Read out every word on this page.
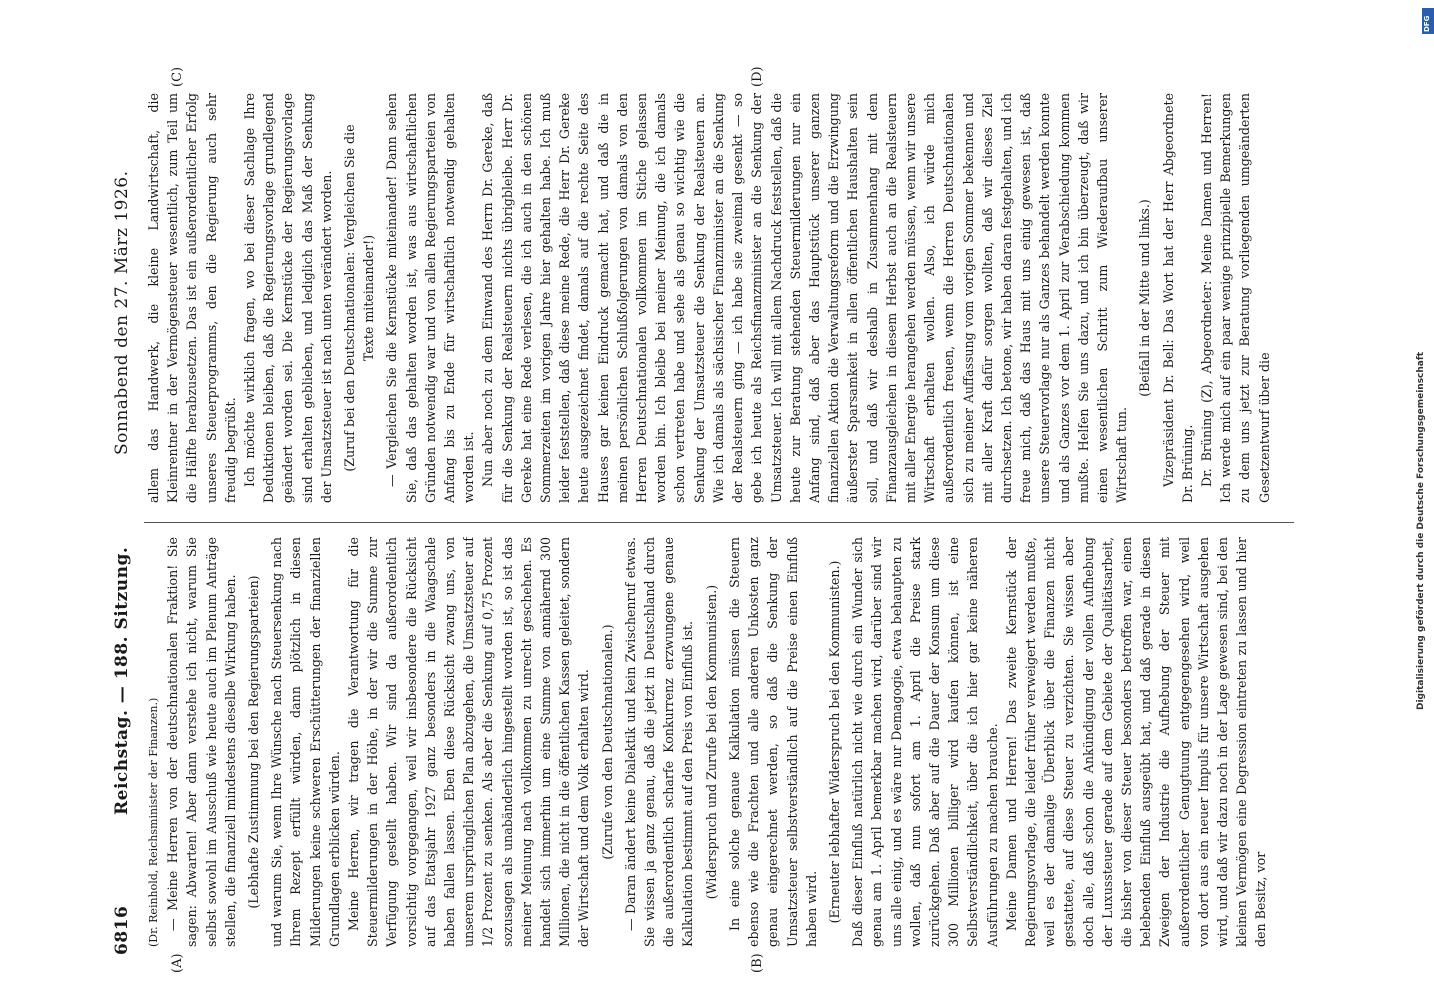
6816
Reichstag. — 188. Sitzung.
Sonnabend den 27. März 1926.
(A)	(B)
(C)	(D)

(Dr. Reinhold, Reichsminister der Finanzen.) — Meine Herren von der deutschnationalen Fraktion! Sie sagen: Abwarten! Aber dann verstehe ich nicht, warum Sie selbst sowohl im Ausschuß wie heute auch im Plenum Anträge stellen, die finanziell mindestens dieselbe Wirkung haben. (Lebhafte Zustimmung bei den Regierungsparteien) und warum Sie, wenn Ihre Wünsche nach Steuersenkung nach Ihrem Rezept erfüllt würden, dann plötzlich in diesen Milderungen keine schweren Erschütterungen der finanziellen Grundlagen erblicken würden. Meine Herren, wir tragen die Verantwortung für die Steuermilderungen in der Höhe, in der wir die Summe zur Verfügung gestellt haben. Wir sind da außerordentlich vorsichtig vorgegangen, weil wir insbesondere die Rücksicht auf das Etatsjahr 1927 ganz besonders in die Waagschale haben fallen lassen. Eben diese Rücksicht zwang uns, von unserem ursprünglichen Plan abzugehen, die Umsatzsteuer auf 1/2 Prozent zu senken. Als aber die Senkung auf 0,75 Prozent sozusagen als unabänderlich hingestellt worden ist, so ist das meiner Meinung nach vollkommen zu unrecht geschehen. Es handelt sich immerhin um eine Summe von annähernd 300 Millionen, die nicht in die öffentlichen Kassen geleitet, sondern der Wirtschaft und dem Volk erhalten wird. (Zurufe von den Deutschnationalen.) — Daran ändert keine Dialektik und kein Zwischenruf etwas. Sie wissen ja ganz genau, daß die jetzt in Deutschland durch die außerordentlich scharfe Konkurrenz erzwungene genaue Kalkulation bestimmt auf den Preis von Einfluß ist. (Widerspruch und Zurufe bei den Kommunisten.) In eine solche genaue Kalkulation müssen die Steuern ebenso wie die Frachten und alle anderen Unkosten ganz genau eingerechnet werden, so daß die Senkung der Umsatzsteuer selbstverständlich auf die Preise einen Einfluß haben wird. (Erneuter lebhafter Widerspruch bei den Kommunisten.) Daß dieser Einfluß natürlich nicht wie durch ein Wunder sich genau am 1. April bemerkbar machen wird, darüber sind wir uns alle einig, und es wäre nur Demagogie, etwa behaupten zu wollen, daß nun sofort am 1. April die Preise stark zurückgehen. Daß aber auf die Dauer der Konsum um diese 300 Millionen billiger wird kaufen können, ist eine Selbstverständlichkeit, über die ich hier gar keine näheren Ausführungen zu machen brauche. Meine Damen und Herren! Das zweite Kernstück der Regierungsvorlage, die leider früher verweigert werden mußte, weil es der damalige Überblick über die Finanzen nicht gestattete, auf diese Steuer zu verzichten. Sie wissen aber doch alle, daß schon die Ankündigung der vollen Aufhebung der Luxussteuer gerade auf dem Gebiete der Qualitätsarbeit, die bisher von dieser Steuer besonders betroffen war, einen belebenden Einfluß ausgeübt hat, und daß gerade in diesen Zweigen der Industrie die Aufhebung der Steuer mit außerordentlicher Genugtuung entgegengesehen wird, weil von dort aus ein neuer Impuls für unsere Wirtschaft ausgehen wird, und daß wir dazu noch in der Lage gewesen sind, bei den kleinen Vermögen eine Degression eintreten zu lassen und hier den Besitz, vor

allem das Handwerk, die kleine Landwirtschaft, die Kleinrentner in der Vermögensteuer wesentlich, zum Teil um die Hälfte herabzusetzen. Das ist ein außerordentlicher Erfolg unseres Steuerprogramms, den die Regierung auch sehr freudig begrüßt. Ich möchte wirklich fragen, wo bei dieser Sachlage Ihre Deduktionen bleiben, daß die Regierungsvorlage grundlegend geändert worden sei. Die Kernstücke der Regierungsvorlage sind erhalten geblieben, und lediglich das Maß der Senkung der Umsatzsteuer ist nach unten verändert worden. (Zuruf bei den Deutschnationalen: Vergleichen Sie die Texte miteinander!) — Vergleichen Sie die Kernstücke miteinander! Dann sehen Sie, daß das gehalten worden ist, was aus wirtschaftlichen Gründen notwendig war und von allen Regierungsparteien von Anfang bis zu Ende für wirtschaftlich notwendig gehalten worden ist. Nun aber noch zu dem Einwand des Herrn Dr. Gereke, daß für die Senkung der Realsteuern nichts übrigbleibe. Herr Dr. Gereke hat eine Rede verlesen, die ich auch in den schönen Sommerzeiten im vorigen Jahre hier gehalten habe. Ich muß leider feststellen, daß diese meine Rede, die Herr Dr. Gereke heute ausgezeichnet findet, damals auf die rechte Seite des Hauses gar keinen Eindruck gemacht hat, und daß die in meinen persönlichen Schlußfolgerungen von damals von den Herren Deutschnationalen vollkommen im Stiche gelassen worden bin. Ich bleibe bei meiner Meinung, die ich damals schon vertreten habe und sehe als genau so wichtig wie die Senkung der Umsatzsteuer die Senkung der Realsteuern an. Wie ich damals als sächsischer Finanzminister an die Senkung der Realsteuern ging — ich habe sie zweimal gesenkt — so gebe ich heute als Reichsfinanzminister an die Senkung der Umsatzsteuer. Ich will mit allem Nachdruck feststellen, daß die heute zur Beratung stehenden Steuermilderungen nur ein Anfang sind, daß aber das Hauptstück unserer ganzen finanziellen Aktion die Verwaltungsreform und die Erzwingung äußerster Sparsamkeit in allen öffentlichen Haushalten sein soll, und daß wir deshalb in Zusammenhang mit dem Finanzausgleichen in diesem Herbst auch an die Realsteuern mit aller Energie herangehen werden müssen, wenn wir unsere Wirtschaft erhalten wollen. Also, ich würde mich außerordentlich freuen, wenn die Herren Deutschnationalen sich zu meiner Auffassung vom vorigen Sommer bekennen und mit aller Kraft dafür sorgen wollten, daß wir dieses Ziel durchsetzen. Ich betone, wir haben daran festgehalten, und ich freue mich, daß das Haus mit uns einig gewesen ist, daß unsere Steuervorlage nur als Ganzes behandelt werden konnte und als Ganzes vor dem 1. April zur Verabschiedung kommen mußte. Helfen Sie uns dazu, und ich bin überzeugt, daß wir einen wesentlichen Schritt zum Wiederaufbau unserer Wirtschaft tun.

(Beifall in der Mitte und links.) Vizepräsident Dr. Bell: Das Wort hat der Herr Abgeordnete Dr. Brüning. Dr. Brüning (Z), Abgeordneter: Meine Damen und Herren! Ich werde mich auf ein paar wenige prinzipielle Bemerkungen zu dem uns jetzt zur Beratung vorliegenden umgeänderten Gesetzentwurf über die	Digitalisierung gefördert durch die Deutsche Forschungsgemeinschaft
DFG
